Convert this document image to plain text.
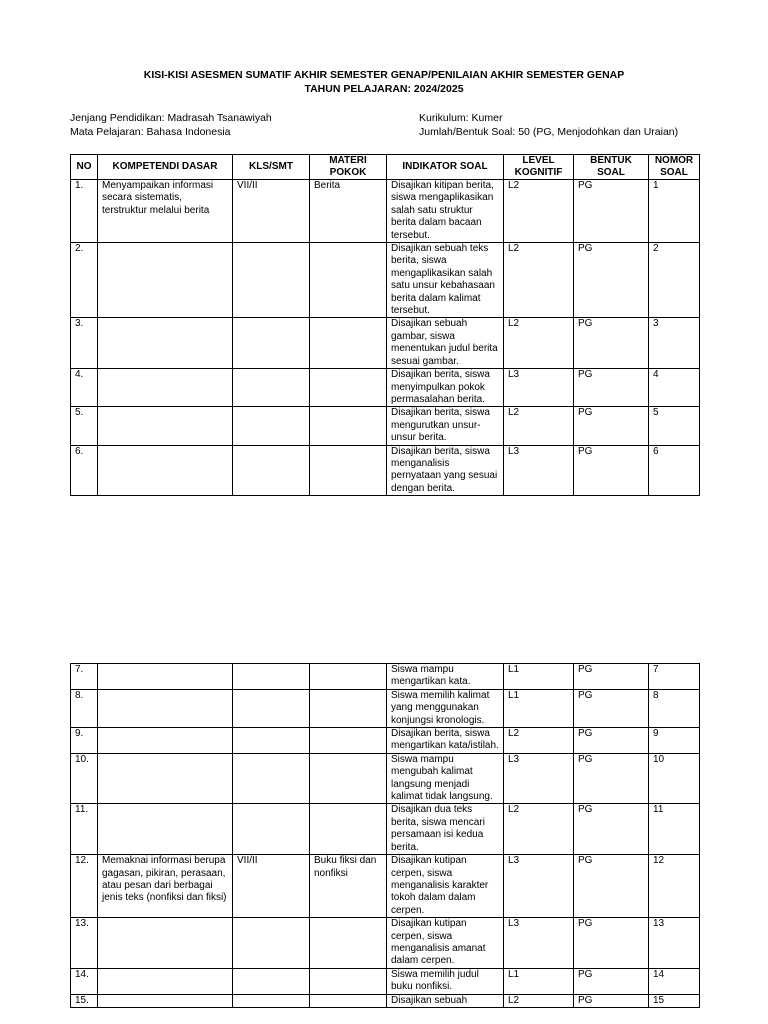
KISI-KISI ASESMEN SUMATIF AKHIR SEMESTER GENAP/PENILAIAN AKHIR SEMESTER GENAP
TAHUN PELAJARAN: 2024/2025
Jenjang Pendidikan: Madrasah Tsanawiyah
Mata Pelajaran: Bahasa Indonesia
Kurikulum: Kumer
Jumlah/Bentuk Soal: 50 (PG, Menjodohkan dan Uraian)
NO	KOMPETENDI DASAR	KLS/SMT	MATERI POKOK	INDIKATOR SOAL	LEVEL KOGNITIF	BENTUK SOAL	NOMOR SOAL
1.	Menyampaikan informasi secara sistematis, terstruktur melalui berita	VII/II	Berita	Disajikan kitipan berita, siswa mengaplikasikan salah satu struktur berita dalam bacaan tersebut.	L2	PG	1
2.				Disajikan sebuah teks berita, siswa mengaplikasikan salah satu unsur kebahasaan berita dalam kalimat tersebut.	L2	PG	2
3.				Disajikan sebuah gambar, siswa menentukan judul berita sesuai gambar.	L2	PG	3
4.				Disajikan berita, siswa menyimpulkan pokok permasalahan berita.	L3	PG	4
5.				Disajikan berita, siswa mengurutkan unsur-unsur berita.	L2	PG	5
6.				Disajikan berita, siswa menganalisis pernyataan yang sesuai dengan berita.	L3	PG	6
7.				Siswa mampu mengartikan kata.	L1	PG	7
8.				Siswa memilih kalimat yang menggunakan konjungsi kronologis.	L1	PG	8
9.				Disajikan berita, siswa mengartikan kata/istilah.	L2	PG	9
10.				Siswa mampu mengubah kalimat langsung menjadi kalimat tidak langsung.	L3	PG	10
11.				Disajikan dua teks berita, siswa mencari persamaan isi kedua berita.	L2	PG	11
12.	Memaknai informasi berupa gagasan, pikiran, perasaan, atau pesan dari berbagai jenis teks (nonfiksi dan fiksi)	VII/II	Buku fiksi dan nonfiksi	Disajikan kutipan cerpen, siswa menganalisis karakter tokoh dalam dalam cerpen.	L3	PG	12
13.				Disajikan kutipan cerpen, siswa menganalisis amanat dalam cerpen.	L3	PG	13
14.				Siswa memilih judul buku nonfiksi.	L1	PG	14
15.				Disajikan sebuah	L2	PG	15
